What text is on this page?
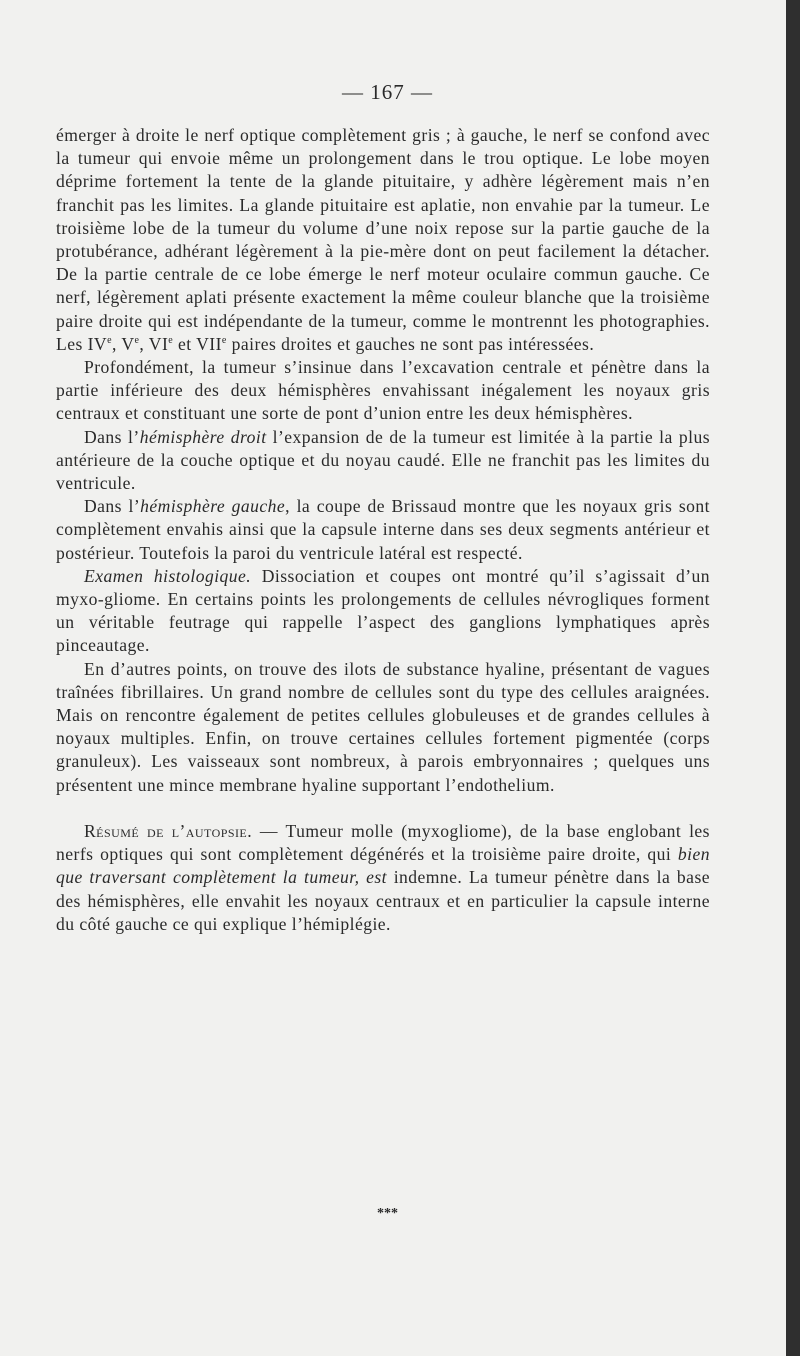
— 167 —

émerger à droite le nerf optique complètement gris ; à gauche, le nerf se confond avec la tumeur qui envoie même un prolongement dans le trou optique. Le lobe moyen déprime fortement la tente de la glande pituitaire, y adhère légèrement mais n’en franchit pas les limites. La glande pituitaire est aplatie, non envahie par la tumeur. Le troisième lobe de la tumeur du volume d’une noix repose sur la partie gauche de la protubérance, adhérant légèrement à la pie-mère dont on peut facilement la détacher. De la partie centrale de ce lobe émerge le nerf moteur oculaire commun gauche. Ce nerf, légèrement aplati présente exactement la même couleur blanche que la troisième paire droite qui est indépendante de la tumeur, comme le montrennt les photographies. Les IVe, Ve, VIe et VIIe paires droites et gauches ne sont pas intéressées.

Profondément, la tumeur s’insinue dans l’excavation centrale et pénètre dans la partie inférieure des deux hémisphères envahissant inégalement les noyaux gris centraux et constituant une sorte de pont d’union entre les deux hémisphères.

Dans l’hémisphère droit l’expansion de de la tumeur est limitée à la partie la plus antérieure de la couche optique et du noyau caudé. Elle ne franchit pas les limites du ventricule.

Dans l’hémisphère gauche, la coupe de Brissaud montre que les noyaux gris sont complètement envahis ainsi que la capsule interne dans ses deux segments antérieur et postérieur. Toutefois la paroi du ventricule latéral est respecté.

Examen histologique. Dissociation et coupes ont montré qu’il s’agissait d’un myxo-gliome. En certains points les prolongements de cellules névrogliques forment un véritable feutrage qui rappelle l’aspect des ganglions lymphatiques après pinceautage.

En d’autres points, on trouve des ilots de substance hyaline, présentant de vagues traînées fibrillaires. Un grand nombre de cellules sont du type des cellules araignées. Mais on rencontre également de petites cellules globuleuses et de grandes cellules à noyaux multiples. Enfin, on trouve certaines cellules fortement pigmentée (corps granuleux). Les vaisseaux sont nombreux, à parois embryonnaires ; quelques uns présentent une mince membrane hyaline supportant l’endothelium.

Résumé de l’autopsie. — Tumeur molle (myxogliome), de la base englobant les nerfs optiques qui sont complètement dégénérés et la troisième paire droite, qui bien que traversant complètement la tumeur, est indemne. La tumeur pénètre dans la base des hémisphères, elle envahit les noyaux centraux et en particulier la capsule interne du côté gauche ce qui explique l’hémiplégie.

***
